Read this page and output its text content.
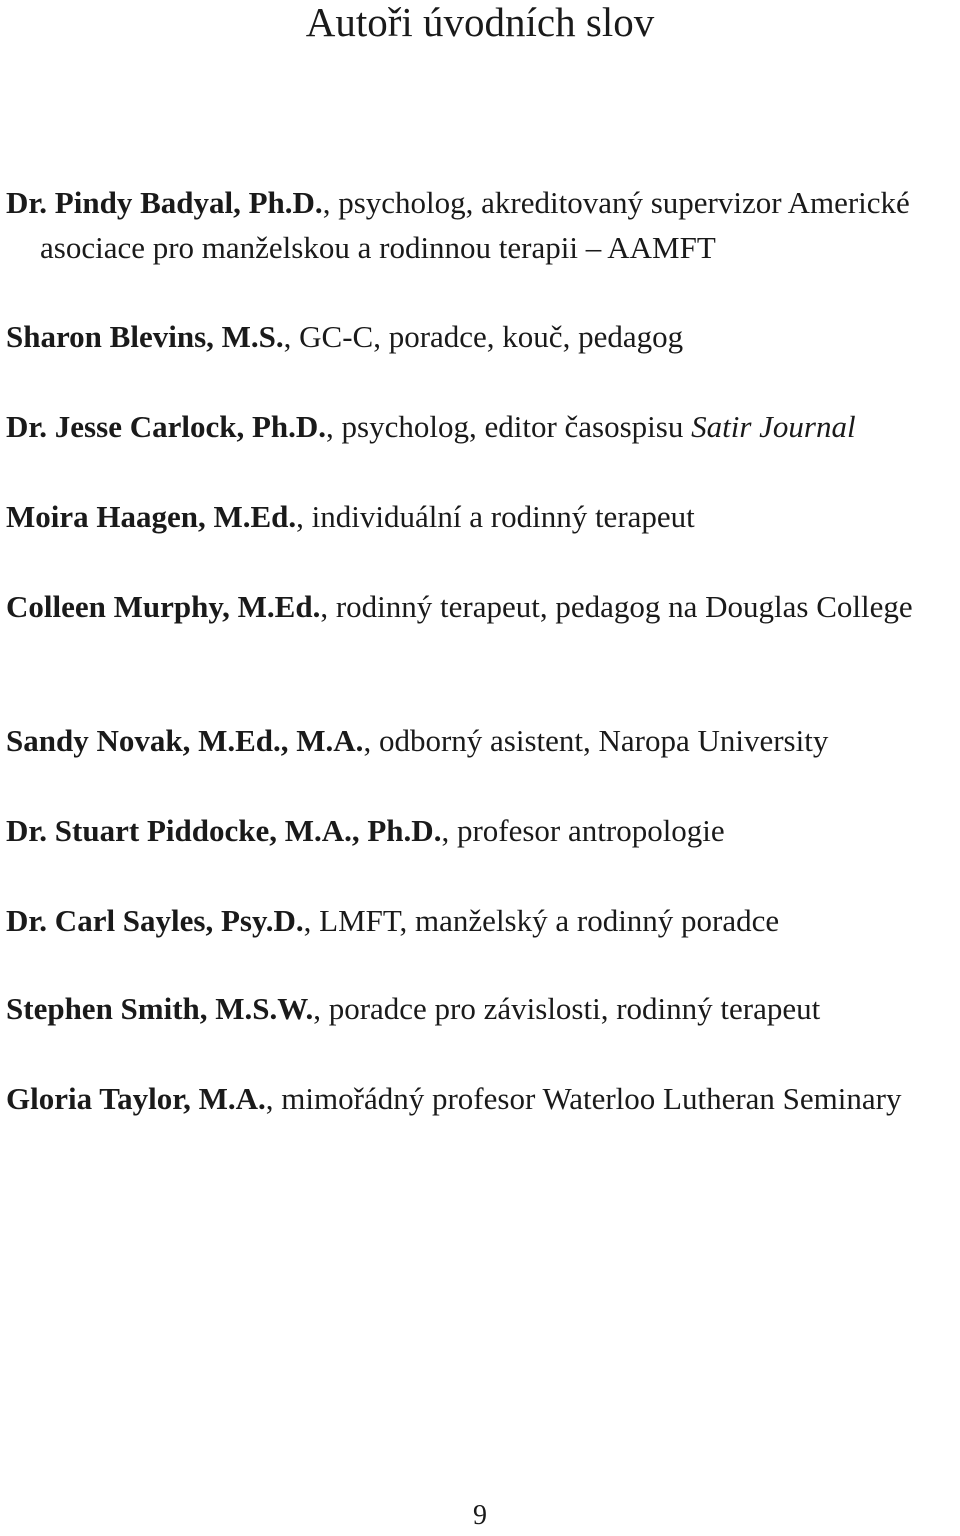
Autoři úvodních slov

Dr. Pindy Badyal, Ph.D., psycholog, akreditovaný supervizor Americké asociace pro manželskou a rodinnou terapii – AAMFT

Sharon Blevins, M.S., GC-C, poradce, kouč, pedagog

Dr. Jesse Carlock, Ph.D., psycholog, editor časospisu Satir Journal

Moira Haagen, M.Ed., individuální a rodinný terapeut

Colleen Murphy, M.Ed., rodinný terapeut, pedagog na Douglas College

Sandy Novak, M.Ed., M.A., odborný asistent, Naropa University

Dr. Stuart Piddocke, M.A., Ph.D., profesor antropologie

Dr. Carl Sayles, Psy.D., LMFT, manželský a rodinný poradce

Stephen Smith, M.S.W., poradce pro závislosti, rodinný terapeut

Gloria Taylor, M.A., mimořádný profesor Waterloo Lutheran Seminary

9
